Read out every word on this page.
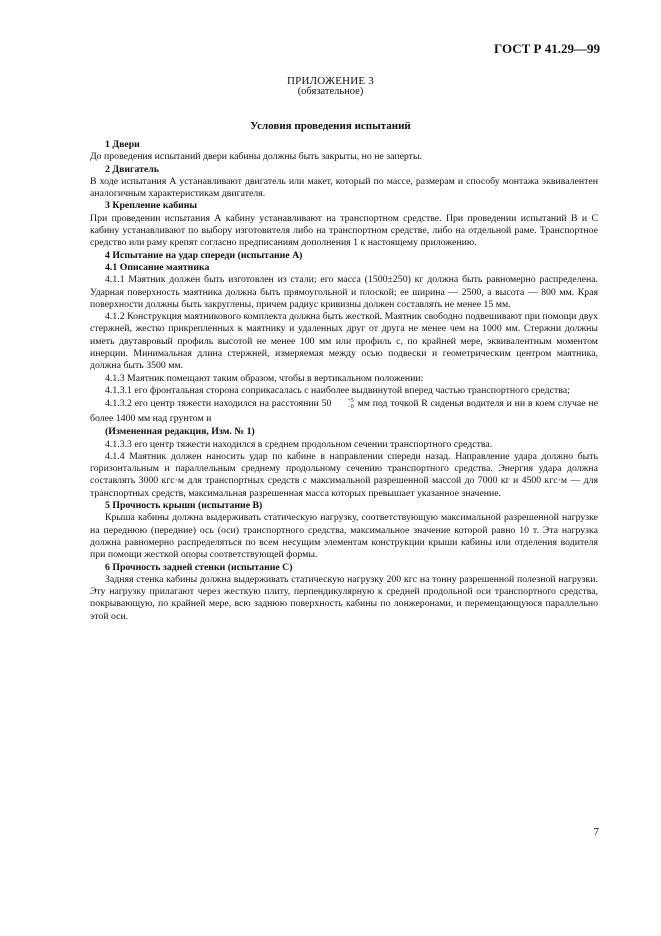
ГОСТ Р 41.29—99
ПРИЛОЖЕНИЕ 3
(обязательное)
Условия проведения испытаний

1 Двери

До проведения испытаний двери кабины должны быть закрыты, но не заперты.

2 Двигатель

В ходе испытания А устанавливают двигатель или макет, который по массе, размерам и способу монтажа эквивалентен аналогичным характеристикам двигателя.

3 Крепление кабины

При проведении испытания А кабину устанавливают на транспортном средстве. При проведении испытаний В и С кабину устанавливают по выбору изготовителя либо на транспортном средстве, либо на отдельной раме. Транспортное средство или раму крепят согласно предписаниям дополнения 1 к настоящему приложению.

4 Испытание на удар спереди (испытание А)

4.1 Описание маятника

4.1.1 Маятник должен быть изготовлен из стали; его масса (1500±250) кг должна быть равномерно распределена. Ударная поверхность маятника должна быть прямоугольной и плоской; ее ширина — 2500, а высота — 800 мм. Края поверхности должны быть закруглены, причем радиус кривизны должен составлять не менее 15 мм.

4.1.2 Конструкция маятникового комплекта должна быть жесткой. Маятник свободно подвешивают при помощи двух стержней, жестко прикрепленных к маятнику и удаленных друг от друга не менее чем на 1000 мм. Стержни должны иметь двутавровый профиль высотой не менее 100 мм или профиль с, по крайней мере, эквивалентным моментом инерции. Минимальная длина стержней, измеряемая между осью подвески и геометрическим центром маятника, должна быть 3500 мм.

4.1.3 Маятник помещают таким образом, чтобы в вертикальном положении:

4.1.3.1 его фронтальная сторона соприкасалась с наиболее выдвинутой вперед частью транспортного средства;

4.1.3.2 его центр тяжести находился на расстоянии 50	+5
−0 мм под точкой R сиденья водителя и ни в коем случае не более 1400 мм над грунтом и

(Измененная редакция, Изм. № 1)

4.1.3.3 его центр тяжести находился в среднем продольном сечении транспортного средства.

4.1.4 Маятник должен наносить удар по кабине в направлении спереди назад. Направление удара должно быть горизонтальным и параллельным среднему продольному сечению транспортного средства. Энергия удара должна составлять 3000 кгс·м для транспортных средств с максимальной разрешенной массой до 7000 кг и 4500 кгс·м — для транспортных средств, максимальная разрешенная масса которых превышает указанное значение.

5 Прочность крыши (испытание В)

Крыша кабины должна выдерживать статическую нагрузку, соответствующую максимальной разрешенной нагрузке на переднюю (передние) ось (оси) транспортного средства, максимальное значение которой равно 10 т. Эта нагрузка должна равномерно распределяться по всем несущим элементам конструкции крыши кабины или отделения водителя при помощи жесткой опоры соответствующей формы.

6 Прочность задней стенки (испытание С)

Задняя стенка кабины должна выдерживать статическую нагрузку 200 кгс на тонну разрешенной полезной нагрузки. Эту нагрузку прилагают через жесткую плиту, перпендикулярную к средней продольной оси транспортного средства, покрывающую, по крайней мере, всю заднюю поверхность кабины по лонжеронами, и перемещающуюся параллельно этой оси.

7
